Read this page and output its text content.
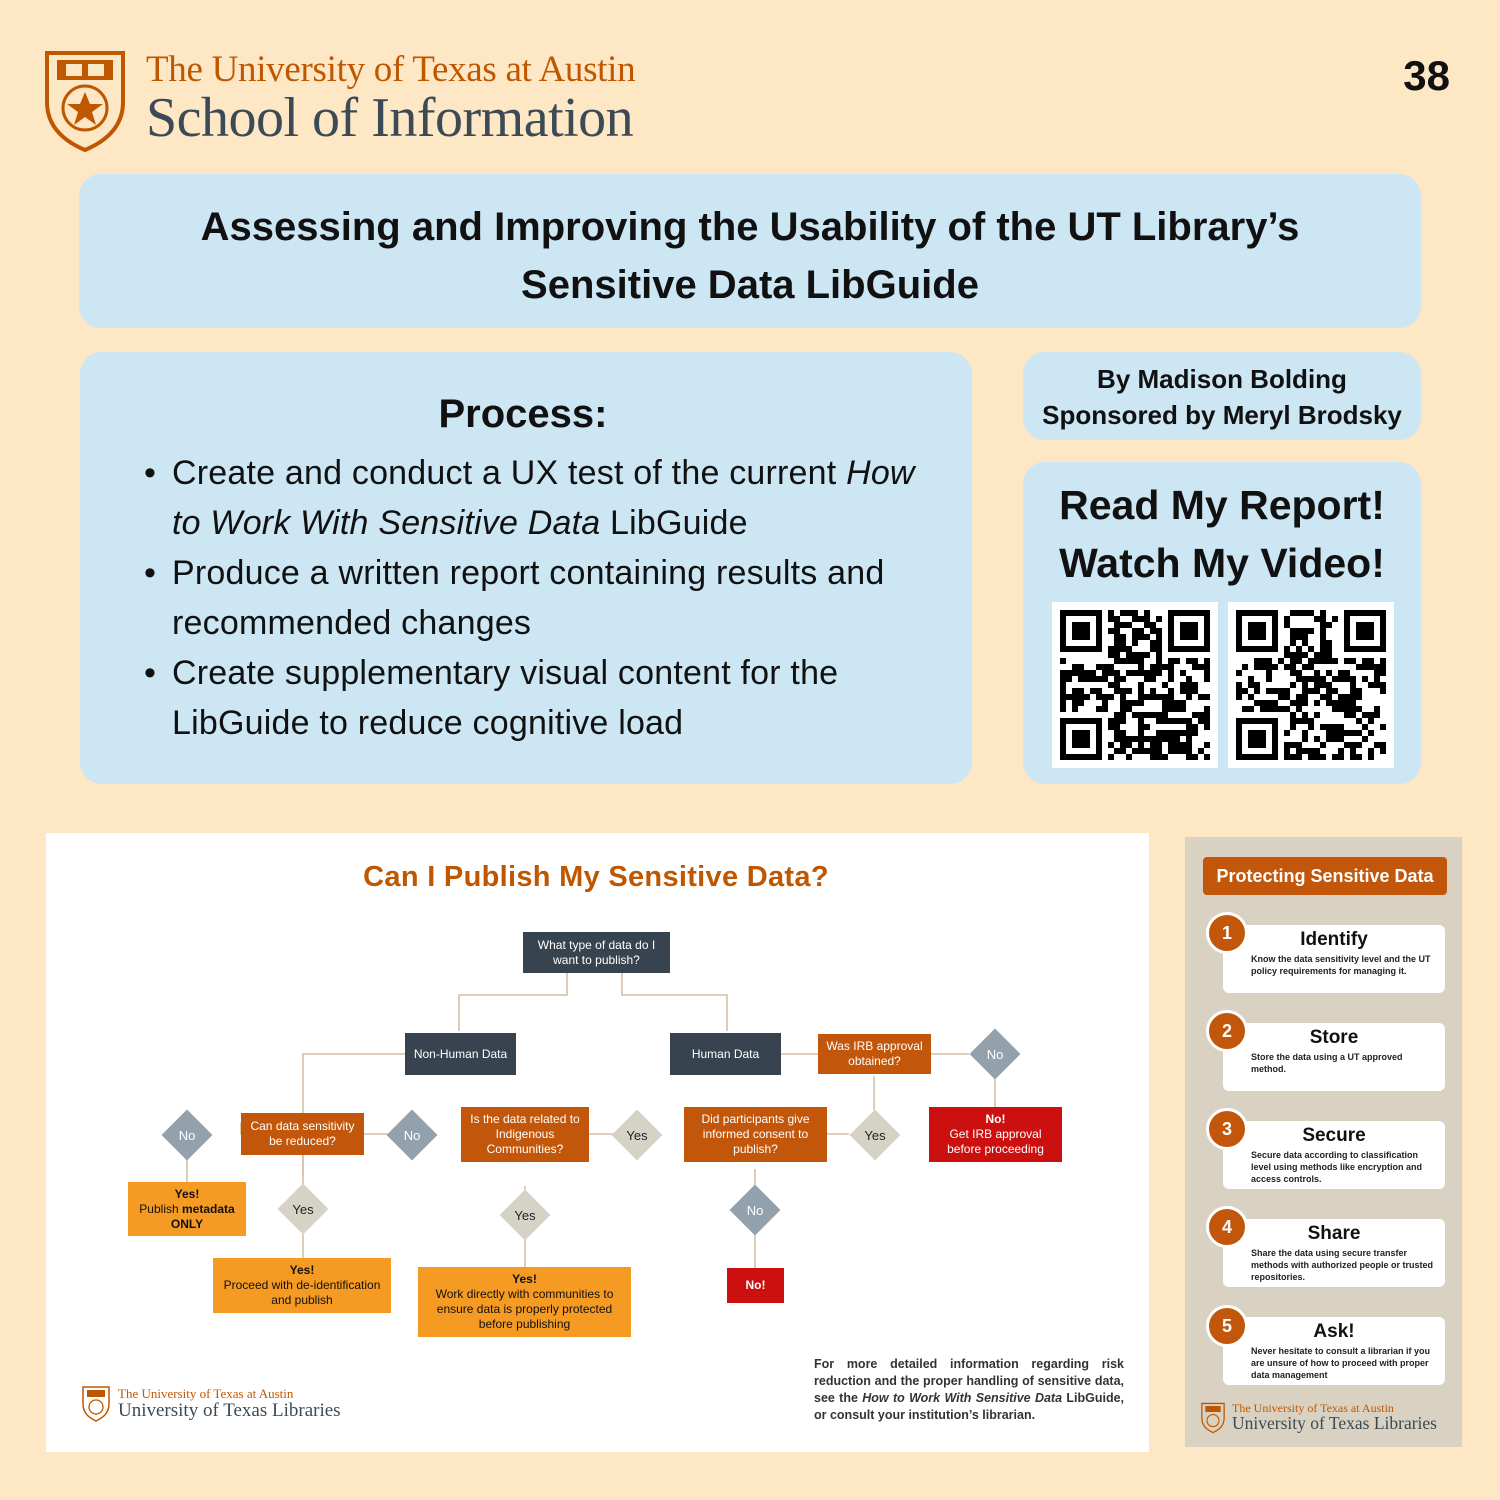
The University of Texas at Austin
School of Information
38
Assessing and Improving the Usability of the UT Library’s Sensitive Data LibGuide
Process:
• Create and conduct a UX test of the current How to Work With Sensitive Data LibGuide
• Produce a written report containing results and recommended changes
• Create supplementary visual content for the LibGuide to reduce cognitive load
By Madison Bolding
Sponsored by Meryl Brodsky
Read My Report!
Watch My Video!
Can I Publish My Sensitive Data?
What type of data do I want to publish?
Non-Human Data	Human Data
Was IRB approval obtained?	No
No!
Get IRB approval before proceeding
Yes
Did participants give informed consent to publish?
Yes
No
No!
Is the data related to Indigenous Communities?
No
Yes
Yes!
Work directly with communities to ensure data is properly protected before publishing
Can data sensitivity be reduced?
No
Yes!
Publish metadata
ONLY
Yes
Yes!
Proceed with de-identification and publish
For more detailed information regarding risk reduction and the proper handling of sensitive data, see the How to Work With Sensitive Data LibGuide, or consult your institution’s librarian.
The University of Texas at Austin
University of Texas Libraries
Protecting Sensitive Data
Identify
Know the data sensitivity level and the UT policy requirements for managing it.
1
Store
Store the data using a UT approved method.
2
Secure
Secure data according to classification level using methods like encryption and access controls.
3
Share
Share the data using secure transfer methods with authorized people or trusted repositories.
4
Ask!
Never hesitate to consult a librarian if you are unsure of how to proceed with proper data management
5
The University of Texas at Austin
University of Texas Libraries
